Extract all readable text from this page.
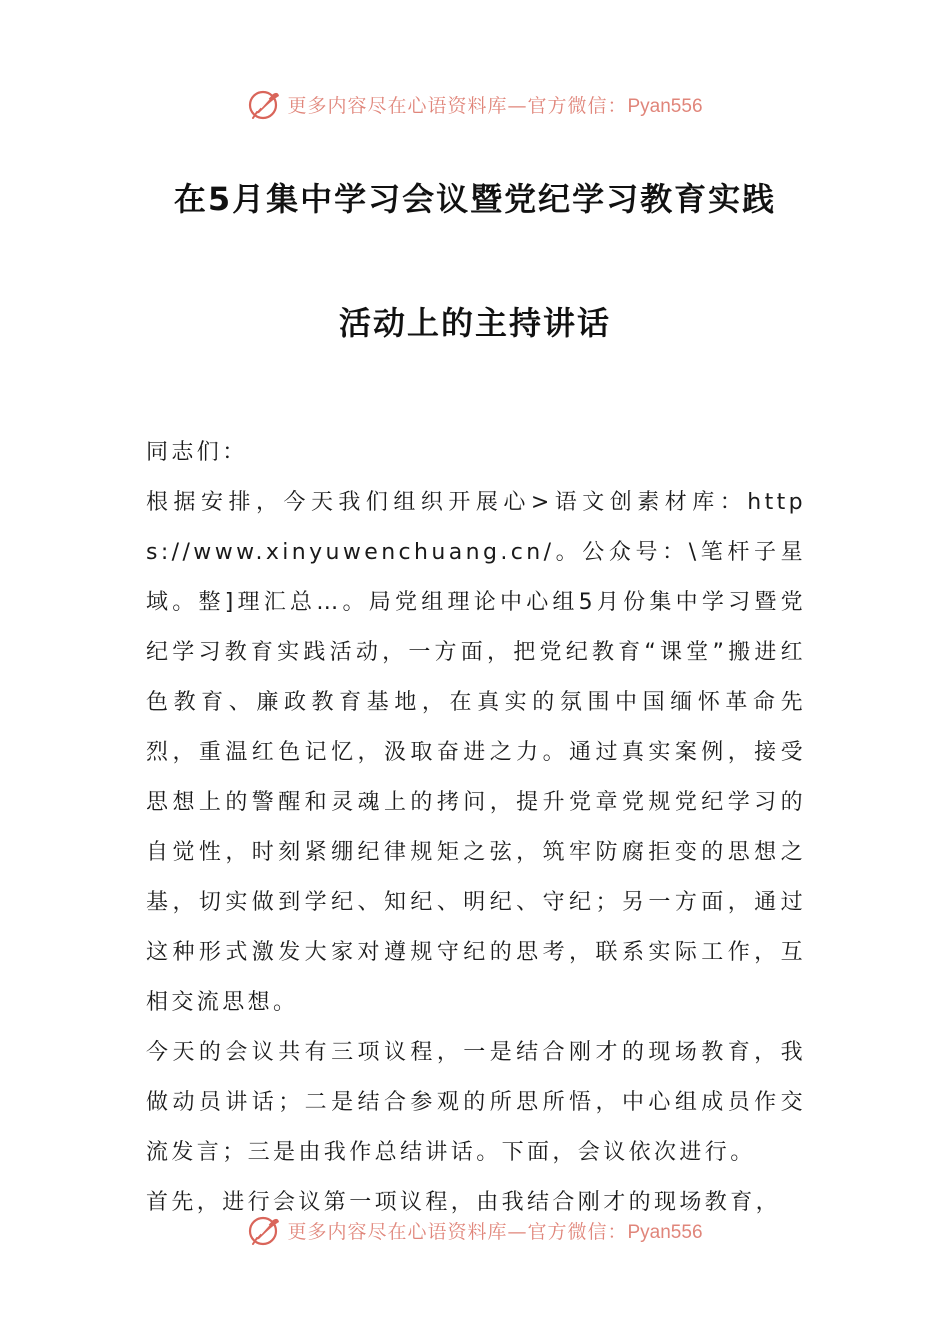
更多内容尽在心语资料库—官方微信：Pyan556
在5月集中学习会议暨党纪学习教育实践
活动上的主持讲话

同志们：

根据安排，今天我们组织开展心>语文创素材库：https://www.xinyuwenchuang.cn/。公众号：\笔杆子星域。整]理汇总…。局党组理论中心组5月份集中学习暨党纪学习教育实践活动，一方面，把党纪教育“课堂”搬进红色教育、廉政教育基地，在真实的氛围中国缅怀革命先烈，重温红色记忆，汲取奋进之力。通过真实案例，接受思想上的警醒和灵魂上的拷问，提升党章党规党纪学习的自觉性，时刻紧绷纪律规矩之弦，筑牢防腐拒变的思想之基，切实做到学纪、知纪、明纪、守纪；另一方面，通过这种形式激发大家对遵规守纪的思考，联系实际工作，互相交流思想。

今天的会议共有三项议程，一是结合刚才的现场教育，我做动员讲话；二是结合参观的所思所悟，中心组成员作交流发言；三是由我作总结讲话。下面，会议依次进行。

首先，进行会议第一项议程，由我结合刚才的现场教育，

更多内容尽在心语资料库—官方微信：Pyan556
